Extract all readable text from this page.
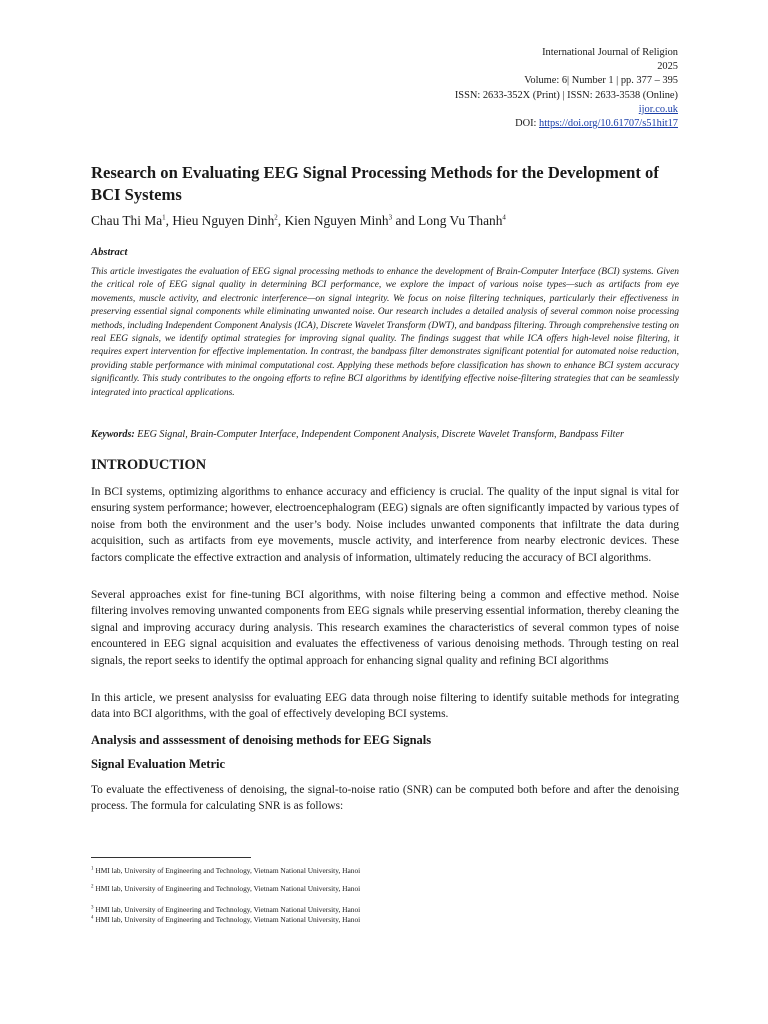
International Journal of Religion
2025
Volume: 6| Number 1 | pp. 377 – 395
ISSN: 2633-352X (Print) | ISSN: 2633-3538 (Online)
ijor.co.uk
DOI: https://doi.org/10.61707/s51hit17
Research on Evaluating EEG Signal Processing Methods for the Development of BCI Systems
Chau Thi Ma$^1$, Hieu Nguyen Dinh$^2$, Kien Nguyen Minh$^3$ and Long Vu Thanh$^4$
Abstract
This article investigates the evaluation of EEG signal processing methods to enhance the development of Brain-Computer Interface (BCI) systems. Given the critical role of EEG signal quality in determining BCI performance, we explore the impact of various noise types—such as artifacts from eye movements, muscle activity, and electronic interference—on signal integrity. We focus on noise filtering techniques, particularly their effectiveness in preserving essential signal components while eliminating unwanted noise. Our research includes a detailed analysis of several common noise processing methods, including Independent Component Analysis (ICA), Discrete Wavelet Transform (DWT), and bandpass filtering. Through comprehensive testing on real EEG signals, we identify optimal strategies for improving signal quality. The findings suggest that while ICA offers high-level noise filtering, it requires expert intervention for effective implementation. In contrast, the bandpass filter demonstrates significant potential for automated noise reduction, providing stable performance with minimal computational cost. Applying these methods before classification has shown to enhance BCI system accuracy significantly. This study contributes to the ongoing efforts to refine BCI algorithms by identifying effective noise-filtering strategies that can be seamlessly integrated into practical applications.
Keywords: EEG Signal, Brain-Computer Interface, Independent Component Analysis, Discrete Wavelet Transform, Bandpass Filter
INTRODUCTION
In BCI systems, optimizing algorithms to enhance accuracy and efficiency is crucial. The quality of the input signal is vital for ensuring system performance; however, electroencephalogram (EEG) signals are often significantly impacted by various types of noise from both the environment and the user’s body. Noise includes unwanted components that infiltrate the data during acquisition, such as artifacts from eye movements, muscle activity, and interference from nearby electronic devices. These factors complicate the effective extraction and analysis of information, ultimately reducing the accuracy of BCI algorithms.
Several approaches exist for fine-tuning BCI algorithms, with noise filtering being a common and effective method. Noise filtering involves removing unwanted components from EEG signals while preserving essential information, thereby cleaning the signal and improving accuracy during analysis. This research examines the characteristics of several common types of noise encountered in EEG signal acquisition and evaluates the effectiveness of various denoising methods. Through testing on real signals, the report seeks to identify the optimal approach for enhancing signal quality and refining BCI algorithms
In this article, we present analysiss for evaluating EEG data through noise filtering to identify suitable methods for integrating data into BCI algorithms, with the goal of effectively developing BCI systems.
Analysis and asssessment of denoising methods for EEG Signals
Signal Evaluation Metric
To evaluate the effectiveness of denoising, the signal-to-noise ratio (SNR) can be computed both before and after the denoising process. The formula for calculating SNR is as follows:
$^1$ HMI lab, University of Engineering and Technology, Vietnam National University, Hanoi
$^2$ HMI lab, University of Engineering and Technology, Vietnam National University, Hanoi
$^3$ HMI lab, University of Engineering and Technology, Vietnam National University, Hanoi
$^4$ HMI lab, University of Engineering and Technology, Vietnam National University, Hanoi
